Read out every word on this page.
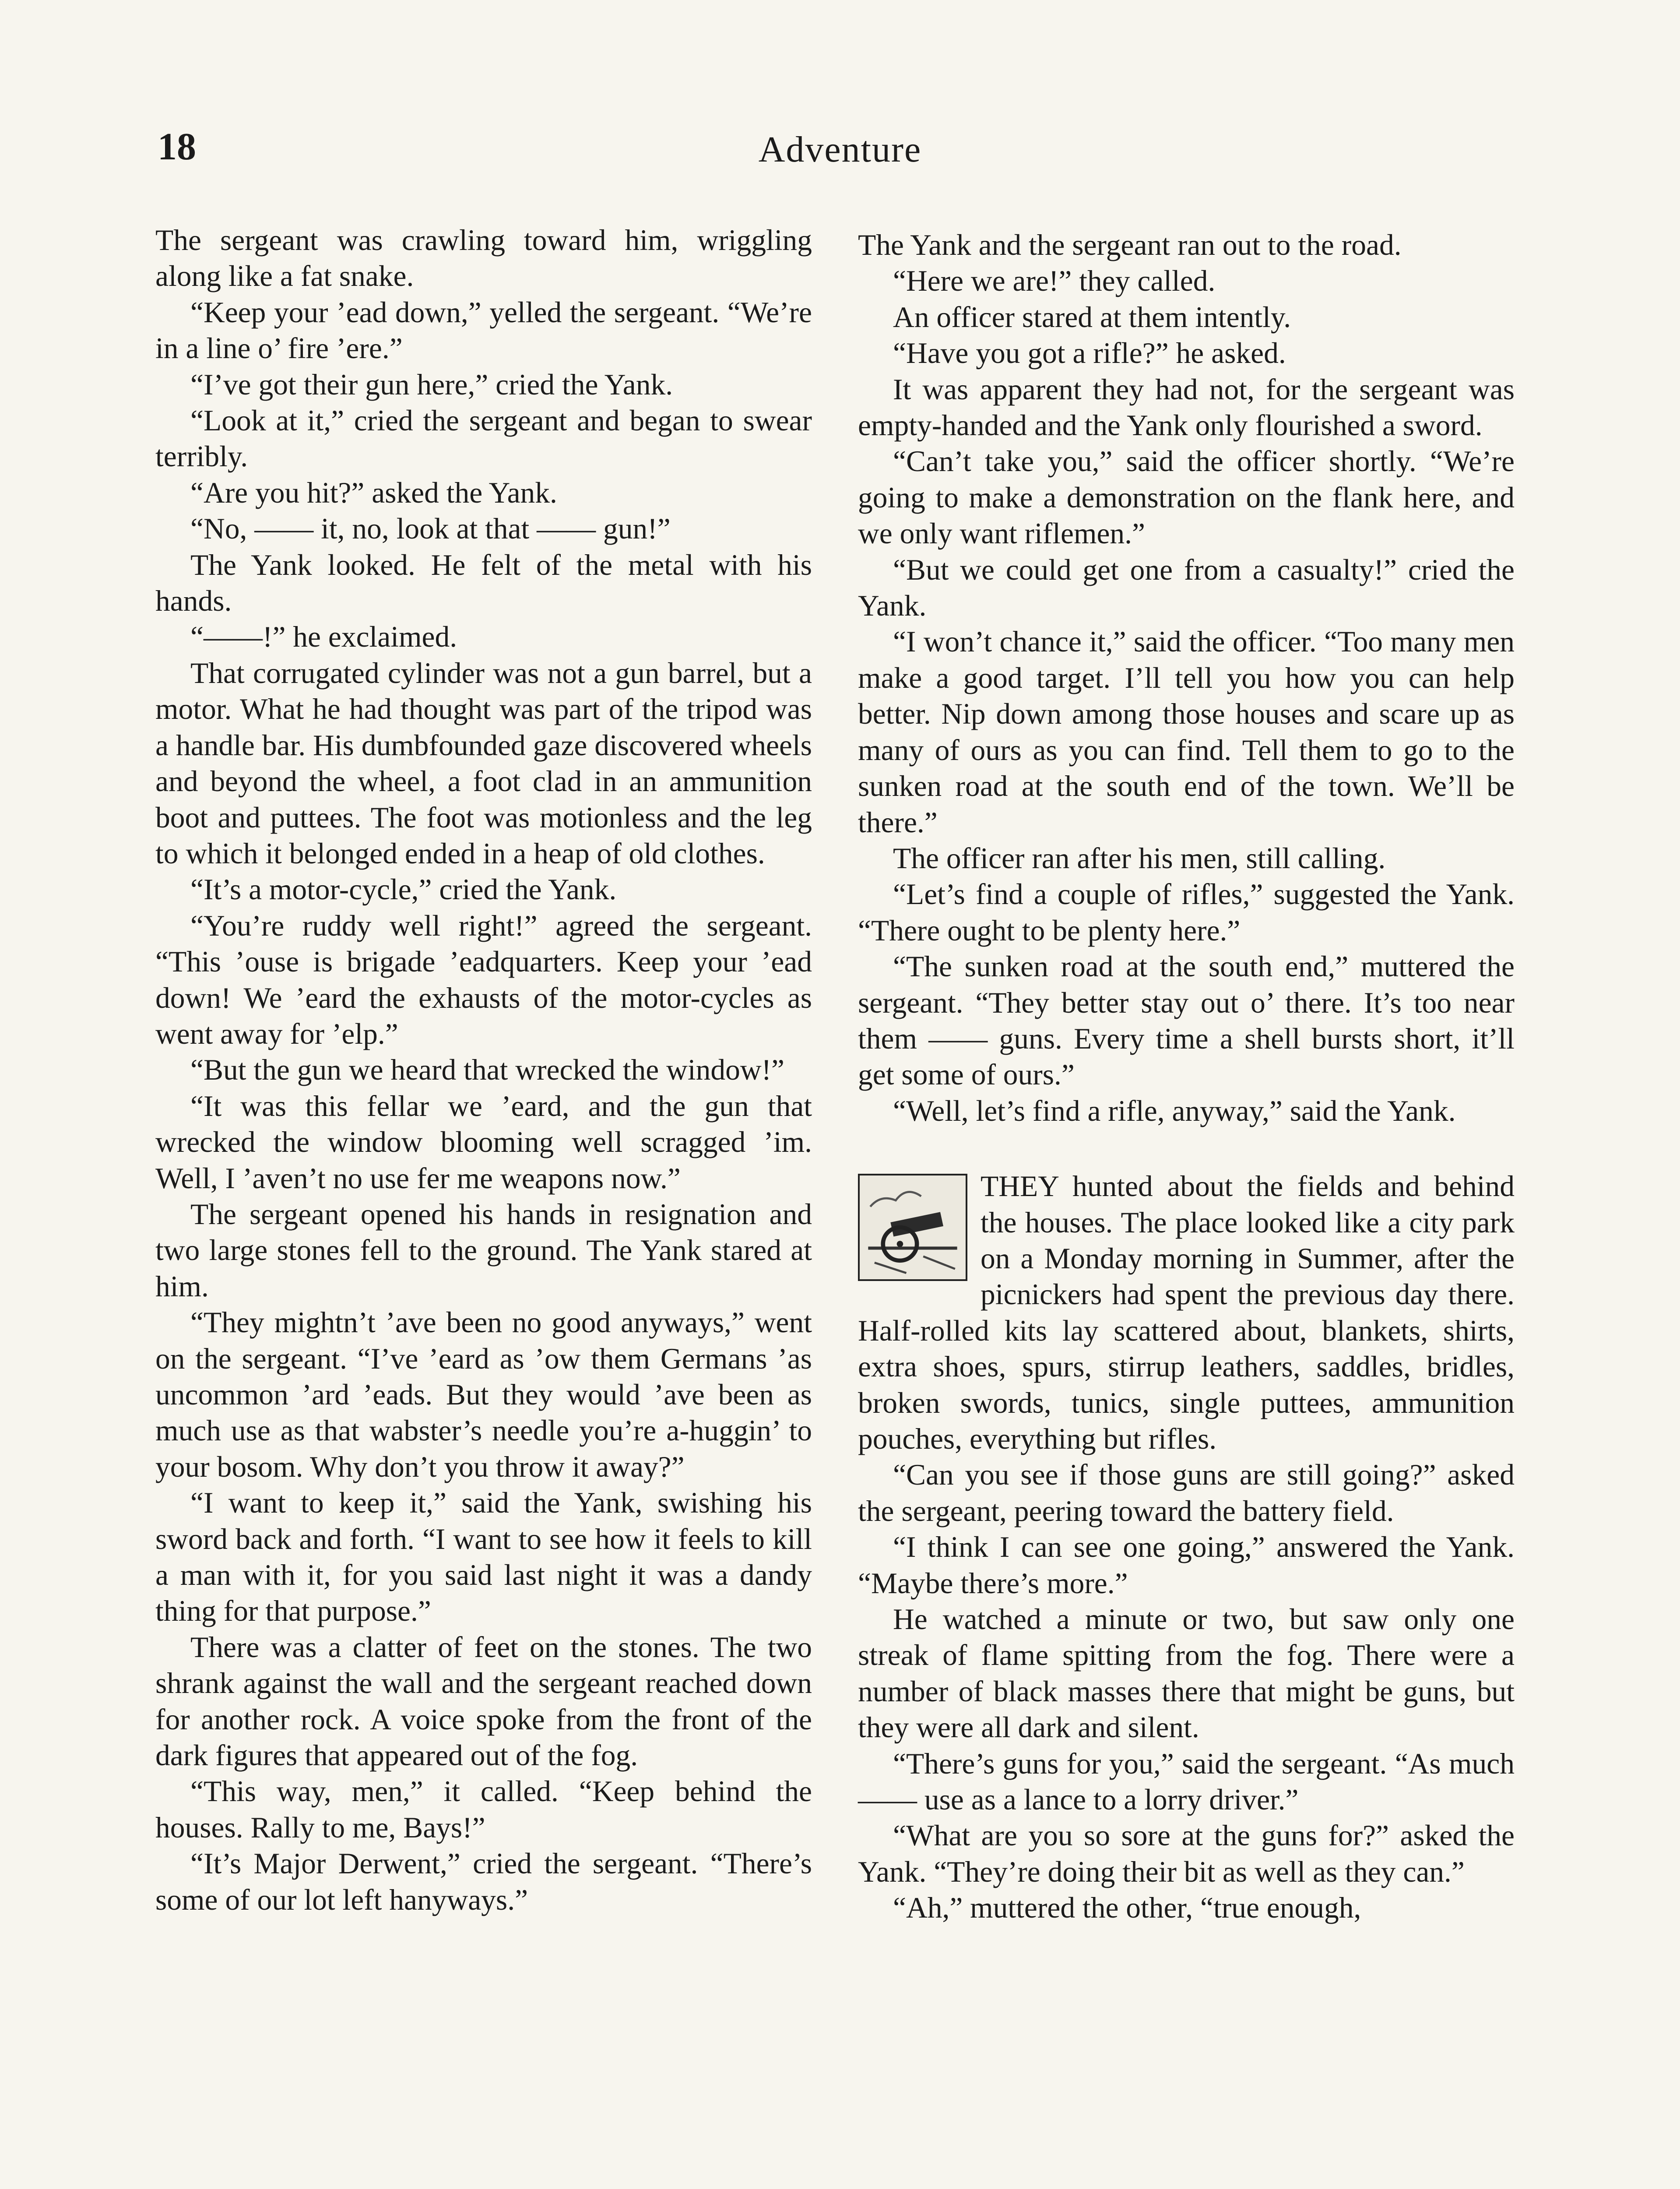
18	Adventure

The sergeant was crawling toward him, wriggling along like a fat snake.

“Keep your ’ead down,” yelled the sergeant. “We’re in a line o’ fire ’ere.”

“I’ve got their gun here,” cried the Yank.

“Look at it,” cried the sergeant and began to swear terribly.

“Are you hit?” asked the Yank.

“No, —— it, no, look at that —— gun!”

The Yank looked. He felt of the metal with his hands.

“——!” he exclaimed.

That corrugated cylinder was not a gun barrel, but a motor. What he had thought was part of the tripod was a handle bar. His dumbfounded gaze discovered wheels and beyond the wheel, a foot clad in an ammunition boot and puttees. The foot was motionless and the leg to which it belonged ended in a heap of old clothes.

“It’s a motor-cycle,” cried the Yank.

“You’re ruddy well right!” agreed the sergeant. “This ’ouse is brigade ’eadquarters. Keep your ’ead down! We ’eard the exhausts of the motor-cycles as went away for ’elp.”

“But the gun we heard that wrecked the window!”

“It was this fellar we ’eard, and the gun that wrecked the window blooming well scragged ’im. Well, I ’aven’t no use fer me weapons now.”

The sergeant opened his hands in resignation and two large stones fell to the ground. The Yank stared at him.

“They mightn’t ’ave been no good anyways,” went on the sergeant. “I’ve ’eard as ’ow them Germans ’as uncommon ’ard ’eads. But they would ’ave been as much use as that wabster’s needle you’re a-huggin’ to your bosom. Why don’t you throw it away?”

“I want to keep it,” said the Yank, swishing his sword back and forth. “I want to see how it feels to kill a man with it, for you said last night it was a dandy thing for that purpose.”

There was a clatter of feet on the stones. The two shrank against the wall and the sergeant reached down for another rock. A voice spoke from the front of the dark figures that appeared out of the fog.

“This way, men,” it called. “Keep behind the houses. Rally to me, Bays!”

“It’s Major Derwent,” cried the sergeant. “There’s some of our lot left hanyways.”

The Yank and the sergeant ran out to the road.

“Here we are!” they called.

An officer stared at them intently.

“Have you got a rifle?” he asked.

It was apparent they had not, for the sergeant was empty-handed and the Yank only flourished a sword.

“Can’t take you,” said the officer shortly. “We’re going to make a demonstration on the flank here, and we only want riflemen.”

“But we could get one from a casualty!” cried the Yank.

“I won’t chance it,” said the officer. “Too many men make a good target. I’ll tell you how you can help better. Nip down among those houses and scare up as many of ours as you can find. Tell them to go to the sunken road at the south end of the town. We’ll be there.”

The officer ran after his men, still calling.

“Let’s find a couple of rifles,” suggested the Yank. “There ought to be plenty here.”

“The sunken road at the south end,” muttered the sergeant. “They better stay out o’ there. It’s too near them —— guns. Every time a shell bursts short, it’ll get some of ours.”

“Well, let’s find a rifle, anyway,” said the Yank.

THEY hunted about the fields and behind the houses. The place looked like a city park on a Monday morning in Summer, after the picnickers had spent the previous day there. Half-rolled kits lay scattered about, blankets, shirts, extra shoes, spurs, stirrup leathers, saddles, bridles, broken swords, tunics, single puttees, ammunition pouches, everything but rifles.

“Can you see if those guns are still going?” asked the sergeant, peering toward the battery field.

“I think I can see one going,” answered the Yank. “Maybe there’s more.”

He watched a minute or two, but saw only one streak of flame spitting from the fog. There were a number of black masses there that might be guns, but they were all dark and silent.

“There’s guns for you,” said the sergeant. “As much —— use as a lance to a lorry driver.”

“What are you so sore at the guns for?” asked the Yank. “They’re doing their bit as well as they can.”

“Ah,” muttered the other, “true enough,
